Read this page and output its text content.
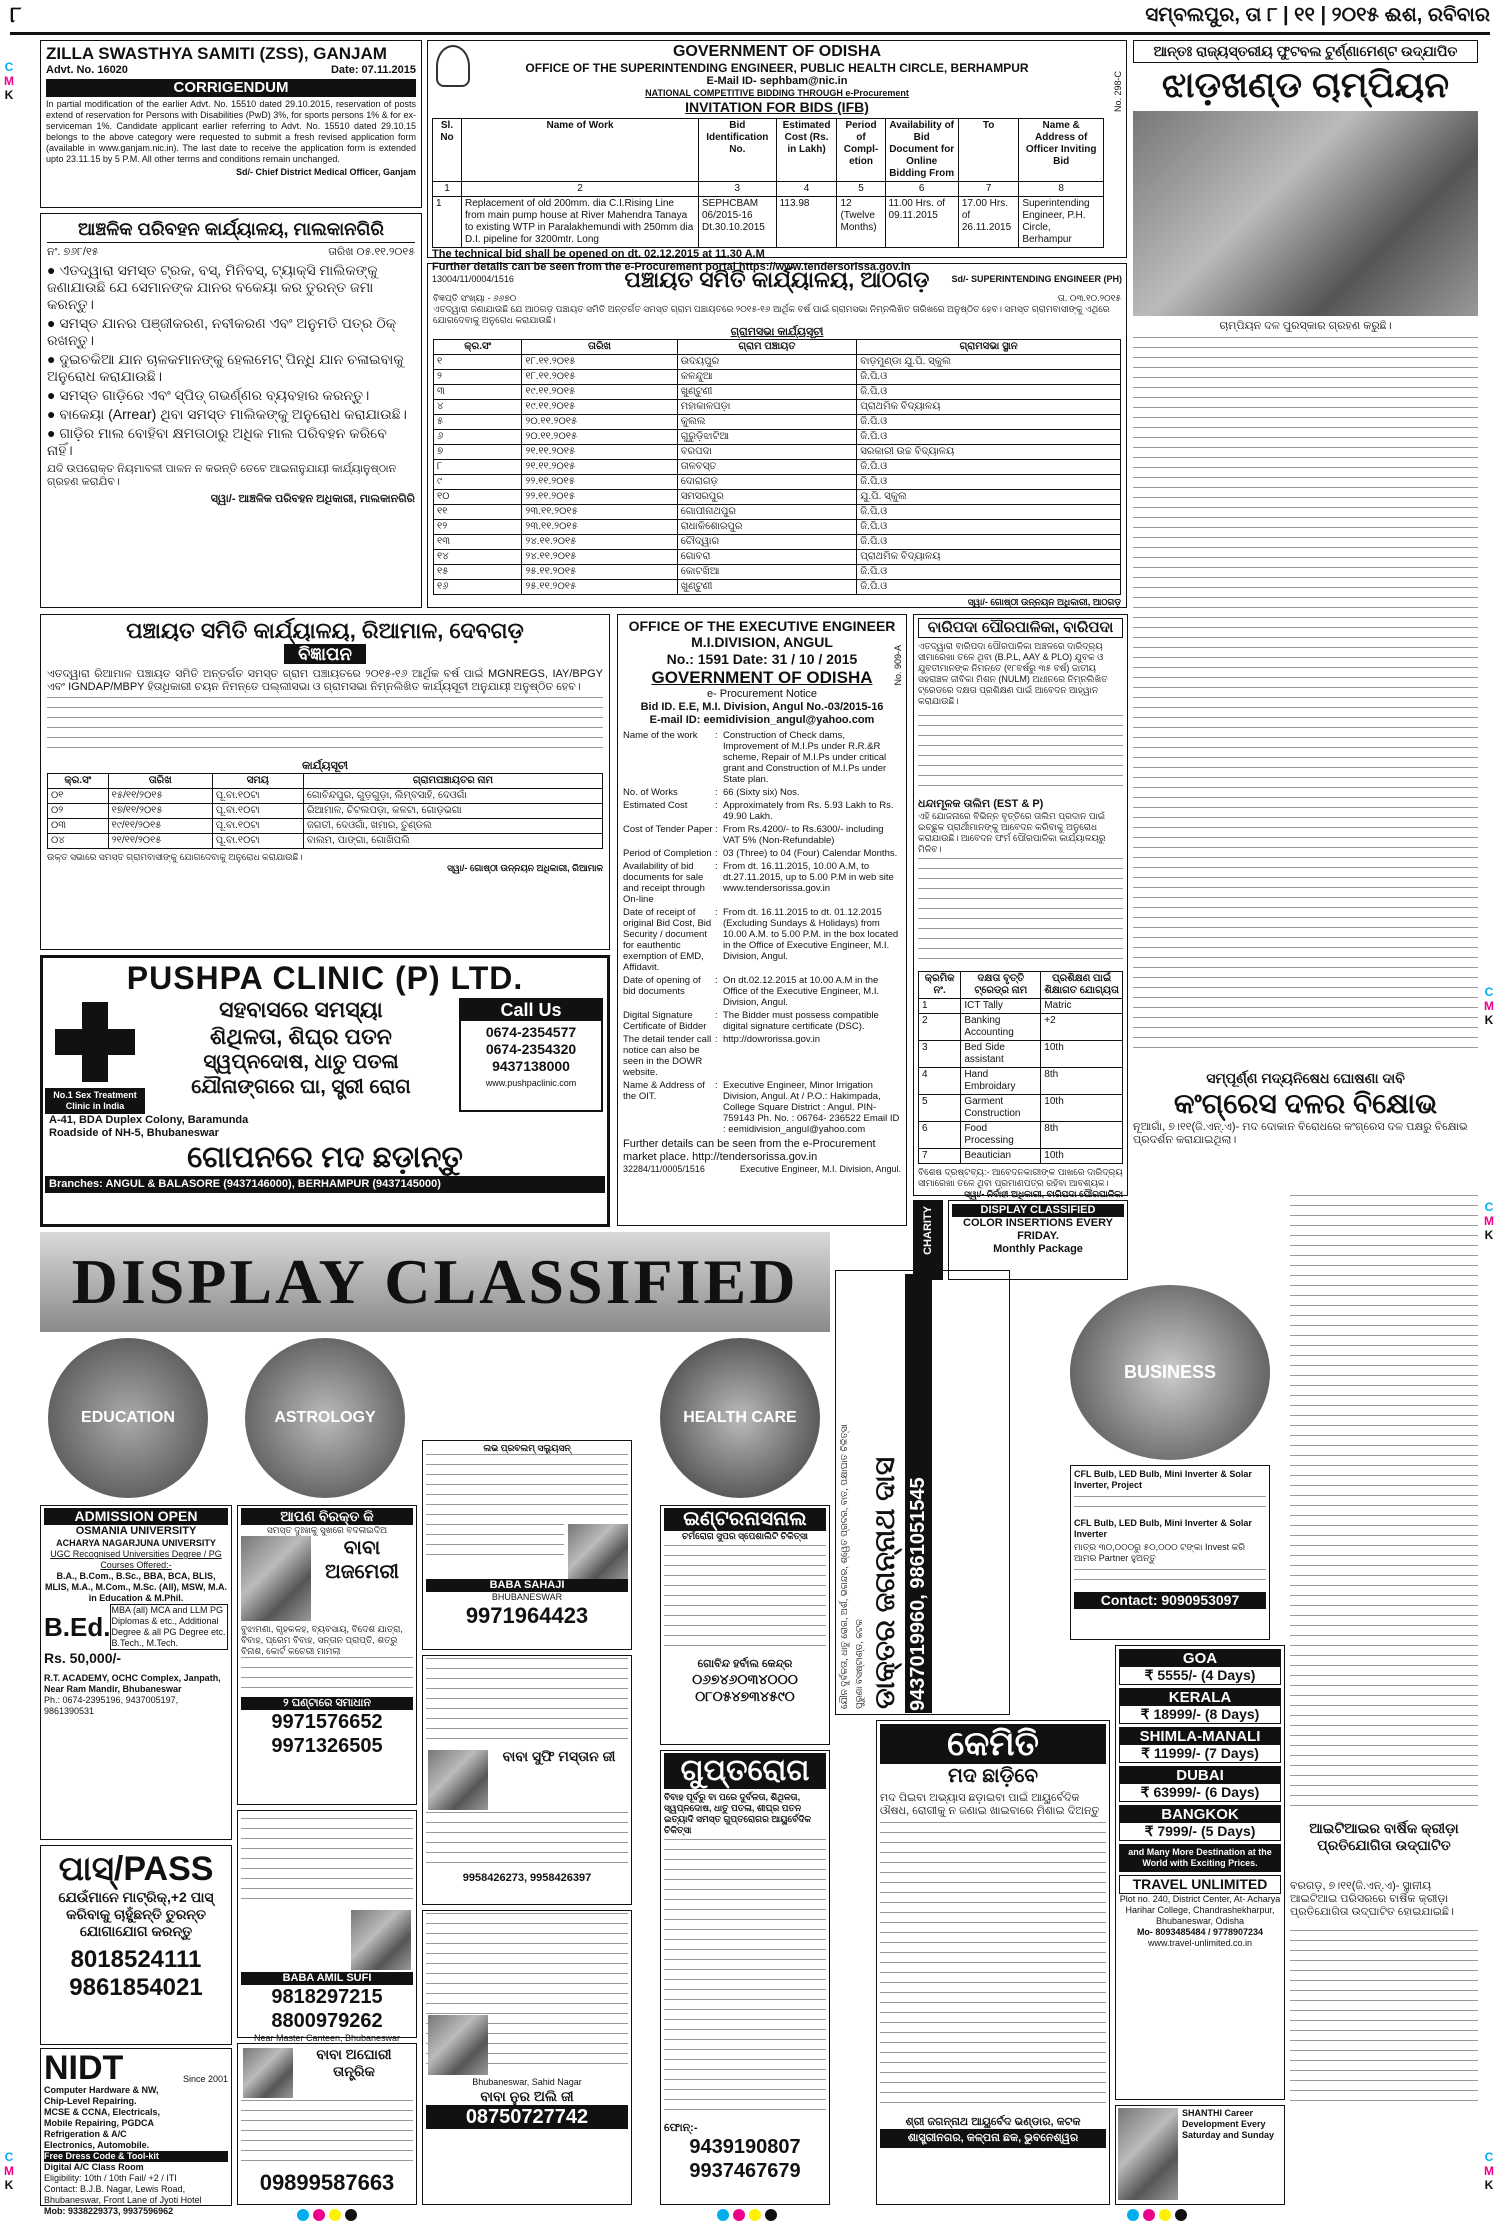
୮	ସମ୍ବଲପୁର, ତା ୮ | ୧୧ | ୨୦୧୫ ଈଶ, ରବିବାର
C
M
K
C
M
K
C
M
K
C
M
K
C
M
K
ZILLA SWASTHYA SAMITI (ZSS), GANJAM
Advt. No. 16020	Date: 07.11.2015
CORRIGENDUM
In partial modification of the earlier Advt. No. 15510 dated 29.10.2015, reservation of posts extend of reservation for Persons with Disabilities (PwD) 3%, for sports persons 1% & for ex-serviceman 1%. Candidate applicant earlier referring to Advt. No. 15510 dated 29.10.15 belongs to the above category were requested to submit a fresh revised application form (available in www.ganjam.nic.in). The last date to receive the application form is extended upto 23.11.15 by 5 P.M. All other terms and conditions remain unchanged.
Sd/- Chief District Medical Officer, Ganjam
GOVERNMENT OF ODISHA
OFFICE OF THE SUPERINTENDING ENGINEER, PUBLIC HEALTH CIRCLE, BERHAMPUR
E-Mail ID- sephbam@nic.in
NATIONAL COMPETITIVE BIDDING THROUGH e-Procurement
INVITATION FOR BIDS (IFB)	No. 298-C
Sl. No	Name of Work	Bid Identification No.	Estimated Cost (Rs. in Lakh)	Period of Compl- etion	Availability of Bid Document for Online Bidding From	To	Name & Address of Officer Inviting Bid
1	2	3	4	5	6	7	8
1	Replacement of old 200mm. dia C.I.Rising Line from main pump house at River Mahendra Tanaya to existing WTP in Paralakhemundi with 250mm dia D.I. pipeline for 3200mtr. Long	SEPHCBAM 06/2015-16 Dt.30.10.2015	113.98	12 (Twelve Months)	11.00 Hrs. of 09.11.2015	17.00 Hrs. of 26.11.2015	Superintending Engineer, P.H. Circle, Berhampur
The technical bid shall be opened on dt. 02.12.2015 at 11.30 A.M
Further details can be seen from the e-Procurement portal https://www.tendersorissa.gov.in
13004/11/0004/1516	Sd/- SUPERINTENDING ENGINEER (PH)
ଆନ୍ତଃ ରାଜ୍ୟସ୍ତରୀୟ ଫୁଟବଲ ଟୁର୍ଣ୍ଣାମେଣ୍ଟ ଉଦ୍‌ଯାପିତ
ଝାଡ଼ଖଣ୍ଡ ଚାମ୍ପିୟନ
ଚାମ୍ପିୟନ ଦଳ ପୁରସ୍କାର ଗ୍ରହଣ କରୁଛି।
ଆଞ୍ଚଳିକ ପରିବହନ କାର୍ଯ୍ୟାଳୟ, ମାଲକାନଗିରି
ନଂ. ୭୬୮/୧୫	ତାରିଖ ୦୫.୧୧.୨୦୧୫
● ଏତଦ୍ୱାରା ସମସ୍ତ ଟ୍ରକ, ବସ୍, ମିନିବସ୍, ଟ୍ୟାକ୍ସି ମାଲିକଙ୍କୁ ଜଣାଯାଉଛି ଯେ ସେମାନଙ୍କ ଯାନର ବକେୟା କର ତୁରନ୍ତ ଜମା କରନ୍ତୁ।
● ସମସ୍ତ ଯାନର ପଞ୍ଜୀକରଣ, ନବୀକରଣ ଏବଂ ଅନୁମତି ପତ୍ର ଠିକ୍ ରଖନ୍ତୁ।
● ଦୁଇଚକିଆ ଯାନ ଚାଳକମାନଙ୍କୁ ହେଲମେଟ୍ ପିନ୍ଧି ଯାନ ଚଳାଇବାକୁ ଅନୁରୋଧ କରାଯାଉଛି।
● ସମସ୍ତ ଗାଡ଼ିରେ ଏବଂ ସ୍ପିଡ୍ ଗଭର୍ଣ୍ଣର ବ୍ୟବହାର କରନ୍ତୁ।
● ବାକେୟା (Arrear) ଥିବା ସମସ୍ତ ମାଲିକଙ୍କୁ ଅନୁରୋଧ କରାଯାଉଛି।
● ଗାଡ଼ିର ମାଲ ବୋହିବା କ୍ଷମତାଠାରୁ ଅଧିକ ମାଲ ପରିବହନ କରିବେ ନାହିଁ।
ଯଦି ଉପରୋକ୍ତ ନିୟମାବଳୀ ପାଳନ ନ କରନ୍ତି ତେବେ ଆଇନାନୁଯାୟୀ କାର୍ଯ୍ୟାନୁଷ୍ଠାନ ଗ୍ରହଣ କରାଯିବ।
ସ୍ୱା/- ଆଞ୍ଚଳିକ ପରିବହନ ଅଧିକାରୀ, ମାଲକାନଗିରି
ପଞ୍ଚାୟତ ସମିତି କାର୍ଯ୍ୟାଳୟ, ଆଠଗଡ଼
ବିଜ୍ଞପ୍ତି ସଂଖ୍ୟା - ୬୬୭୦	ତା. ୦୩.୧୦.୨୦୧୫
ଏତଦ୍ୱାରା ଜଣାଯାଉଛି ଯେ ଆଠଗଡ଼ ପଞ୍ଚାୟତ ସମିତି ଅନ୍ତର୍ଗତ ସମସ୍ତ ଗ୍ରାମ ପଞ୍ଚାୟତରେ ୨୦୧୫-୧୬ ଆର୍ଥିକ ବର୍ଷ ପାଇଁ ଗ୍ରାମସଭା ନିମ୍ନଲିଖିତ ତାରିଖରେ ଅନୁଷ୍ଠିତ ହେବ। ସମସ୍ତ ଗ୍ରାମବାସୀଙ୍କୁ ଏଥିରେ ଯୋଗଦେବାକୁ ଅନୁରୋଧ କରାଯାଉଛି।
ଗ୍ରାମସଭା କାର୍ଯ୍ୟସୂଚୀ
କ୍ର.ସଂ	ତାରିଖ	ଗ୍ରାମ ପଞ୍ଚାୟତ	ଗ୍ରାମସଭା ସ୍ଥାନ
୧	୧୮.୧୧.୨୦୧୫	ଉଦୟପୁର	ବାଡ଼ମୁଣ୍ଡା ଯୁ.ପି. ସ୍କୁଲ
୨	୧୮.୧୧.୨୦୧୫	କଳନ୍ଦୁଆ	ଜି.ପି.ଓ
୩	୧୯.୧୧.୨୦୧୫	ଖୁଣ୍ଟୁଣୀ	ଜି.ପି.ଓ
୪	୧୯.୧୧.୨୦୧୫	ମହାକାଳପଡ଼ା	ପ୍ରାଥମିକ ବିଦ୍ୟାଳୟ
୫	୨୦.୧୧.୨୦୧୫	କୁଲଲ	ଜି.ପି.ଓ
୬	୨୦.୧୧.୨୦୧୫	ଗୁରୁଡ଼ିଝାଟିଆ	ଜି.ପି.ଓ
୭	୨୧.୧୧.୨୦୧୫	ବରପଦା	ସରକାରୀ ଉଚ୍ଚ ବିଦ୍ୟାଳୟ
୮	୨୧.୧୧.୨୦୧୫	ତାଳବସ୍ତ	ଜି.ପି.ଓ
୯	୨୨.୧୧.୨୦୧୫	ଦୋରାଗଡ଼	ଜି.ପି.ଓ
୧୦	୨୨.୧୧.୨୦୧୫	ସମସରପୁର	ଯୁ.ପି. ସ୍କୁଲ
୧୧	୨୩.୧୧.୨୦୧୫	ଗୋପୀନାଥପୁର	ଜି.ପି.ଓ
୧୨	୨୩.୧୧.୨୦୧୫	ରାଧାକିଶୋରପୁର	ଜି.ପି.ଓ
୧୩	୨୪.୧୧.୨୦୧୫	ଚୌଦ୍ୱାର	ଜି.ପି.ଓ
୧୪	୨୪.୧୧.୨୦୧୫	ଗୋବରା	ପ୍ରାଥମିକ ବିଦ୍ୟାଳୟ
୧୫	୨୫.୧୧.୨୦୧୫	କୋଟଖିଆ	ଜି.ପି.ଓ
୧୬	୨୫.୧୧.୨୦୧୫	ଖୁଣ୍ଟୁଣୀ	ଜି.ପି.ଓ
ସ୍ୱା/- ଗୋଷ୍ଠୀ ଉନ୍ନୟନ ଅଧିକାରୀ, ଆଠଗଡ଼
ପଞ୍ଚାୟତ ସମିତି କାର୍ଯ୍ୟାଳୟ, ରିଆମାଳ, ଦେବଗଡ଼
ବିଜ୍ଞାପନ
ଏତଦ୍ୱାରା ରିଆମାଳ ପଞ୍ଚାୟତ ସମିତି ଅନ୍ତର୍ଗତ ସମସ୍ତ ଗ୍ରାମ ପଞ୍ଚାୟତରେ ୨୦୧୫-୧୬ ଆର୍ଥିକ ବର୍ଷ ପାଇଁ MGNREGS, IAY/BPGY ଏବଂ IGNDAP/MBPY ହିତାଧିକାରୀ ଚୟନ ନିମନ୍ତେ ପଲ୍ଲୀସଭା ଓ ଗ୍ରାମସଭା ନିମ୍ନଲିଖିତ କାର୍ଯ୍ୟସୂଚୀ ଅନୁଯାୟୀ ଅନୁଷ୍ଠିତ ହେବ।
କାର୍ଯ୍ୟସୂଚୀ
କ୍ର.ସଂ	ତାରିଖ	ସମୟ	ଗ୍ରାମପଞ୍ଚାୟତର ନାମ
୦୧	୧୫/୧୧/୨୦୧୫	ପୂ.ବା.୧୦ଟା	ଗୋବିନ୍ଦପୁର, ଗୁଡ଼ଗୁଡ଼ା, ଲିମ୍ବସାହି, ଦେଓଗାଁ
୦୨	୧୭/୧୧/୨୦୧୫	ପୂ.ବା.୧୦ଟା	ରିଆମାଳ, ଚିଟଲପଡ଼ା, କଳଟା, ଗୋଡ଼ଭଗା
୦୩	୧୯/୧୧/୨୦୧୫	ପୂ.ବା.୧୦ଟା	ଜଗତୀ, ଦେଓଗାଁ, ଖମାର, ତୁଣ୍ଡଲ
୦୪	୨୧/୧୧/୨୦୧୫	ପୂ.ବା.୧୦ଟା	ବାଲମ, ପାଙ୍ଗା, ଗୋଖିପଲି
ଉକ୍ତ ସଭାରେ ସମସ୍ତ ଗ୍ରାମବାସୀଙ୍କୁ ଯୋଗଦେବାକୁ ଅନୁରୋଧ କରାଯାଉଛି।
ସ୍ୱା/- ଗୋଷ୍ଠୀ ଉନ୍ନୟନ ଅଧିକାରୀ, ରିଆମାଳ
PUSHPA CLINIC (P) LTD.
No.1 Sex Treatment Clinic in India
ସହବାସରେ ସମସ୍ୟା
ଶିଥିଳତା, ଶିଘ୍ର ପତନ
ସ୍ୱପ୍ନଦୋଷ, ଧାତୁ ପତଳା
ଯୌନାଙ୍ଗରେ ଘା, ସ୍ତ୍ରୀ ରୋଗ
Call Us
0674-2354577
0674-2354320
9437138000
www.pushpaclinic.com
A-41, BDA Duplex Colony, Baramunda Roadside of NH-5, Bhubaneswar
ଗୋପନରେ ମଦ ଛଡ଼ାନ୍ତୁ
Branches: ANGUL & BALASORE (9437146000), BERHAMPUR (9437145000)
OFFICE OF THE EXECUTIVE ENGINEER
M.I.DIVISION, ANGUL
No.: 1591 Date: 31 / 10 / 2015
GOVERNMENT OF ODISHA
e- Procurement Notice
Bid ID. E.E, M.I. Division, Angul No.-03/2015-16
E-mail ID: eemidivision_angul@yahoo.com
No. 909-A
Name of the work	: Construction of Check dams, Improvement of M.I.Ps under R.R.&R scheme, Repair of M.I.Ps under critical grant and Construction of M.I.Ps under State plan.
No. of Works	: 66 (Sixty six) Nos.
Estimated Cost	: Approximately from Rs. 5.93 Lakh to Rs. 49.90 Lakh.
Cost of Tender Paper : From Rs.4200/- to Rs.6300/- including VAT 5% (Non-Refundable)
Period of Completion : 03 (Three) to 04 (Four) Calendar Months.
Availability of bid documents for sale and receipt through On-line
: From dt. 16.11.2015, 10.00 A.M, to dt.27.11.2015, up to 5.00 P.M in web site www.tendersorissa.gov.in
Date of receipt of original Bid Cost, Bid Security / document for eauthentic exemption of EMD, Affidavit.
: From dt. 16.11.2015 to dt. 01.12.2015 (Excluding Sundays & Holidays) from 10.00 A.M. to 5.00 P.M. in the box located in the Office of Executive Engineer, M.I. Division, Angul.
Date of opening of bid documents
: On dt.02.12.2015 at 10.00 A.M in the Office of the Executive Engineer, M.I. Division, Angul.
Digital Signature Certificate of Bidder
: The Bidder must possess compatible digital signature certificate (DSC).
The detail tender call notice can also be seen in the DOWR website.
: http://dowrorissa.gov.in
Name & Address of the OIT.
: Executive Engineer, Minor Irrigation Division, Angul. At / P.O.: Hakimpada, College Square District : Angul. PIN-759143 Ph. No. : 06764- 236522 Email ID : eemidivision_angul@yahoo.com
Further details can be seen from the e-Procurement market place. http://tendersorissa.gov.in
32284/11/0005/1516	Executive Engineer, M.I. Division, Angul.
ବାରିପଦା ପୌରପାଳିକା, ବାରିପଦା
ଏତଦ୍ୱାରା ବାରିପଦା ପୌରପାଳିକା ଅଞ୍ଚଳରେ ଦାରିଦ୍ର୍ୟ ସୀମାରେଖା ତଳେ ଥିବା (B.P.L, AAY & PLO) ଯୁବକ ଓ ଯୁବତୀମାନଙ୍କ ନିମନ୍ତେ (୧୮ବର୍ଷରୁ ୩୫ ବର୍ଷ) ଜାତୀୟ ସହରାଞ୍ଚଳ ଜୀବିକା ମିଶନ (NULM) ଅଧୀନରେ ନିମ୍ନଲିଖିତ ଟ୍ରେଡରେ ଦକ୍ଷତା ପ୍ରଶିକ୍ଷଣ ପାଇଁ ଆବେଦନ ଆହ୍ୱାନ କରାଯାଉଛି।
ଧନ୍ଦାମୂଳକ ତାଲିମ (EST & P)
ଏହି ଯୋଜନାରେ ବିଭିନ୍ନ ବୃତ୍ତିରେ ତାଲିମ ପ୍ରଦାନ ପାଇଁ ଇଚ୍ଛୁକ ପ୍ରାର୍ଥୀମାନଙ୍କୁ ଆବେଦନ କରିବାକୁ ଅନୁରୋଧ କରାଯାଉଛି। ଆବେଦନ ଫର୍ମ ପୌରପାଳିକା କାର୍ଯ୍ୟାଳୟରୁ ମିଳିବ।
କ୍ରମିକ ନଂ.	ଦକ୍ଷତା ବୃତ୍ତି ଟ୍ରେଡ୍‌ର ନାମ	ପ୍ରଶିକ୍ଷଣ ପାଇଁ ଶିକ୍ଷାଗତ ଯୋଗ୍ୟତା
1	ICT Tally	Matric
2	Banking Accounting	+2
3	Bed Side assistant	10th
4	Hand Embroidary	8th
5	Garment Construction	10th
6	Food Processing	8th
7	Beautician	10th
ବିଶେଷ ଦ୍ରଷ୍ଟବ୍ୟ:- ଆବେଦନକାରୀଙ୍କ ପାଖରେ ଦାରିଦ୍ର୍ୟ ସୀମାରେଖା ତଳେ ଥିବା ପ୍ରମାଣପତ୍ର ରହିବା ଆବଶ୍ୟକ।
ସ୍ୱା/- ନିର୍ବାହୀ ଅଧିକାରୀ, ବାରିପଦା ପୌରପାଳିକା
ସମ୍ପୂର୍ଣ୍ଣ ମଦ୍ୟନିଷେଧ ଘୋଷଣା ଦାବି
କଂଗ୍ରେସ ଦଳର ବିକ୍ଷୋଭ
ନୂଆଗାଁ, ୭।୧୧(ଜି.ଏନ୍.ଏ)- ମଦ ଦୋକାନ ବିରୋଧରେ କଂଗ୍ରେସ ଦଳ ପକ୍ଷରୁ ବିକ୍ଷୋଭ ପ୍ରଦର୍ଶନ କରାଯାଇଥିଲା।
DISPLAY CLASSIFIED
CHARITY	DISPLAY CLASSIFIED
COLOR INSERTIONS EVERY FRIDAY.
Monthly Package
EDUCATION	ASTROLOGY	HEALTH CARE
BUSINESS
ADMISSION OPEN
OSMANIA UNIVERSITY
ACHARYA NAGARJUNA UNIVERSITY
UGC Recognised Universities Degree / PG Courses Offered:-
B.A., B.Com., B.Sc., BBA, BCA, BLIS, MLIS, M.A., M.Com., M.Sc. (All), MSW, M.A. in Education & M.Phil.
B.Ed.
MBA (all) MCA and LLM PG Diplomas & etc., Additional Degree & all PG Degree etc. B.Tech., M.Tech.
Rs. 50,000/-
R.T. ACADEMY, OCHC Complex, Janpath, Near Ram Mandir, Bhubaneswar
Ph.: 0674-2395196, 9437005197, 9861390531
ପାସ୍/PASS
ଯେଉଁମାନେ ମାଟ୍ରିକ୍,+2 ପାସ୍ କରିବାକୁ ଚାହୁଁଛନ୍ତି ତୁରନ୍ତ ଯୋଗାଯୋଗ କରନ୍ତୁ
8018524111
9861854021
NIDT	Since 2001
Computer Hardware & NW,
Chip-Level Repairing.
MCSE & CCNA, Electricals,
Mobile Repairing, PGDCA
Refrigeration & A/C
Electronics, Automobile.
Free Dress Code & Tool-kit
Digital A/C Class Room
Eligibility: 10th / 10th Fail/ +2 / ITI
Contact: B.J.B. Nagar, Lewis Road, Bhubaneswar, Front Lane of Jyoti Hotel
Mob: 9338229373, 9937596962
ଆପଣ ବିରକ୍ତ କି
ସମସ୍ତ ଦୁଃଖକୁ ସୁଖରେ ବଦଳାଇଦିଅ
ବାବା ଅଜମେରୀ
ବୁଝାମଣା, ଗୃହକଳହ, ବ୍ୟବସାୟ, ବିଦେଶ ଯାତ୍ରା, ବିବାହ, ପ୍ରେମ ବିବାହ, ସନ୍ତାନ ପ୍ରାପ୍ତି, ଶତ୍ରୁ ବିନାଶ, କୋର୍ଟ କଚେରୀ ମାମଲା
୨ ଘଣ୍ଟାରେ ସମାଧାନ
9971576652
9971326505
BABA AMIL SUFI
9818297215
8800979262
Near Master Canteen, Bhubaneswar
ବାବା ଅଘୋରୀ ତାନ୍ତ୍ରିକ
09899587663
ଲଭ ପ୍ରବଲମ୍ ସଲ୍ୟୁସନ୍
BABA SAHAJI
BHUBANESWAR
9971964423
ବାବା ସୁଫି ମସ୍ତାନ ଜୀ
9958426273, 9958426397
Bhubaneswar, Sahid Nagar
ବାବା ନୁର ଅଲି ଜୀ
08750727742
ଇଣ୍ଟରନାସନାଲ
ଚର୍ମରୋଗ ସୁପର ସ୍ପେଶାଲିଟି ଚିକିତ୍ସା
ଗୋବିନ୍ଦ ହର୍ବାଲ କେନ୍ଦ୍ର
୦୬୭୪୬୦୩୪୦୦୦
୦୮୦୫୪୭୩୪୫୯୦
ଗୁପ୍ତରୋଗ
ବିବାହ ପୂର୍ବରୁ ବା ପରେ ଦୁର୍ବଳତା, ଶିଥିଳତା, ସ୍ୱପ୍ନଦୋଷ, ଧାତୁ ପତଳା, ଶୀଘ୍ର ପତନ ଇତ୍ୟାଦି ସମସ୍ତ ଗୁପ୍ତରୋଗର ଆୟୁର୍ବେଦିକ ଚିକିତ୍ସା
ଫୋନ୍:-
9439190807
9937467679
ଯୌନ ଦୁର୍ବଳତା, ଧାତୁ ରୋଗ, ଅର୍ଶ, ଭଗନ୍ଦର, ଶ୍ୱେତ ପ୍ରଦର, ବାତ, ପକ୍ଷାଘାତ ଚିକିତ୍ସା ପୁରୁଣା ବସଷ୍ଟାଣ୍ଡ, କଟକ ଡାକ୍ତର ଜଗନ୍ନାଥ ଦାସ 9437019960, 9861051545
କେମିତି
ମଦ ଛାଡ଼ିବେ
ମଦ ପିଇବା ଅଭ୍ୟାସ ଛଡ଼ାଇବା ପାଇଁ ଆୟୁର୍ବେଦିକ ଔଷଧ, ରୋଗୀକୁ ନ ଜଣାଇ ଖାଇବାରେ ମିଶାଇ ଦିଅନ୍ତୁ
ଶ୍ରୀ ଜଗନ୍ନାଥ ଆୟୁର୍ବେଦ ଭଣ୍ଡାର, କଟକ
ଶାସ୍ତ୍ରୀନଗର, କଳ୍ପନା ଛକ, ଭୁବନେଶ୍ୱର
CFL Bulb, LED Bulb, Mini Inverter & Solar Inverter, Project
CFL Bulb, LED Bulb, Mini Inverter & Solar Inverter
ମାତ୍ର ୩୦,୦୦୦ରୁ ୫୦,୦୦୦ ଟଙ୍କା Invest କରି ଆମର Partner ହୁଅନ୍ତୁ
Contact: 9090953097
GOA
₹ 5555/- (4 Days)
KERALA
₹ 18999/- (8 Days)
SHIMLA-MANALI
₹ 11999/- (7 Days)
DUBAI
₹ 63999/- (6 Days)
BANGKOK
₹ 7999/- (5 Days)
and Many More Destination at the World with Exciting Prices.
TRAVEL UNLIMITED
Plot no. 240, District Center, At- Acharya Harihar College, Chandrashekharpur, Bhubaneswar, Odisha
Mo- 8093485484 / 9778907234
www.travel-unlimited.co.in
ଆଇଟିଆଇର ବାର୍ଷିକ କ୍ରୀଡ଼ା ପ୍ରତିଯୋଗିତା ଉଦ୍‌ଘାଟିତ
ବରଗଡ଼, ୭।୧୧(ଜି.ଏନ୍.ଏ)- ସ୍ଥାନୀୟ ଆଇଟିଆଇ ପରିସରରେ ବାର୍ଷିକ କ୍ରୀଡ଼ା ପ୍ରତିଯୋଗିତା ଉଦ୍‌ଘାଟିତ ହୋଇଯାଇଛି।
SHANTHI Career Development Every Saturday and Sunday
